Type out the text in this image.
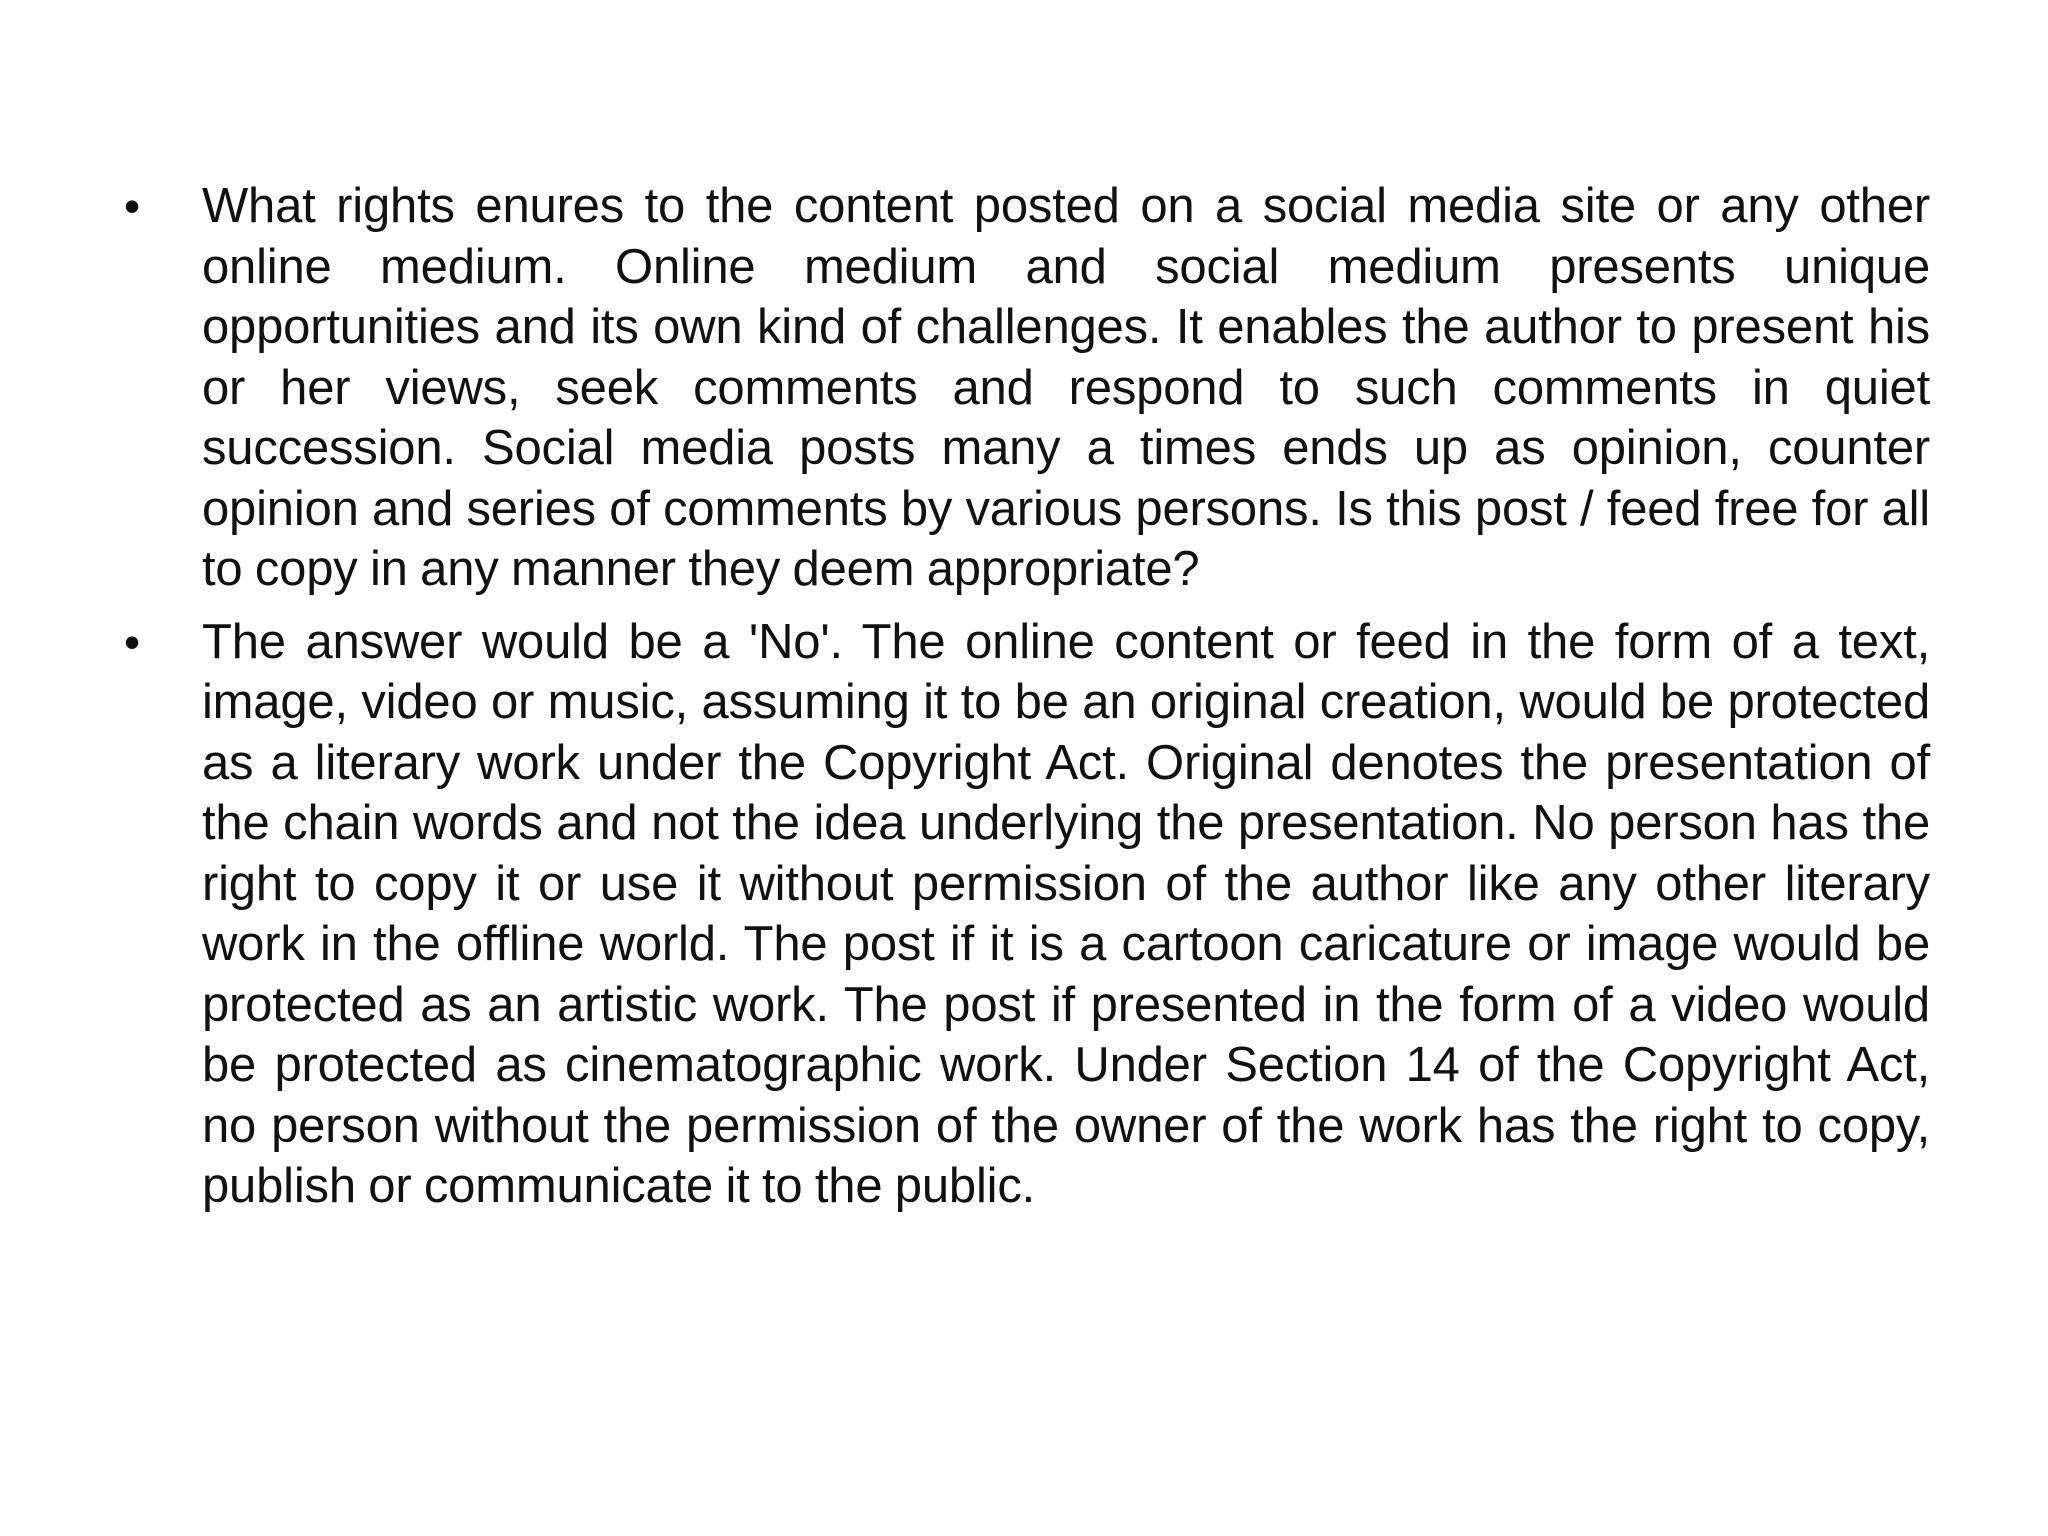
• What rights enures to the content posted on a social media site or any other online medium. Online medium and social medium presents unique opportunities and its own kind of challenges. It enables the author to present his or her views, seek comments and respond to such comments in quiet succession. Social media posts many a times ends up as opinion, counter opinion and series of comments by various persons. Is this post / feed free for all to copy in any manner they deem appropriate?
• The answer would be a 'No'. The online content or feed in the form of a text, image, video or music, assuming it to be an original creation, would be protected as a literary work under the Copyright Act. Original denotes the presentation of the chain words and not the idea underlying the presentation. No person has the right to copy it or use it without permission of the author like any other literary work in the offline world. The post if it is a cartoon caricature or image would be protected as an artistic work. The post if presented in the form of a video would be protected as cinematographic work. Under Section 14 of the Copyright Act, no person without the permission of the owner of the work has the right to copy, publish or communicate it to the public.
